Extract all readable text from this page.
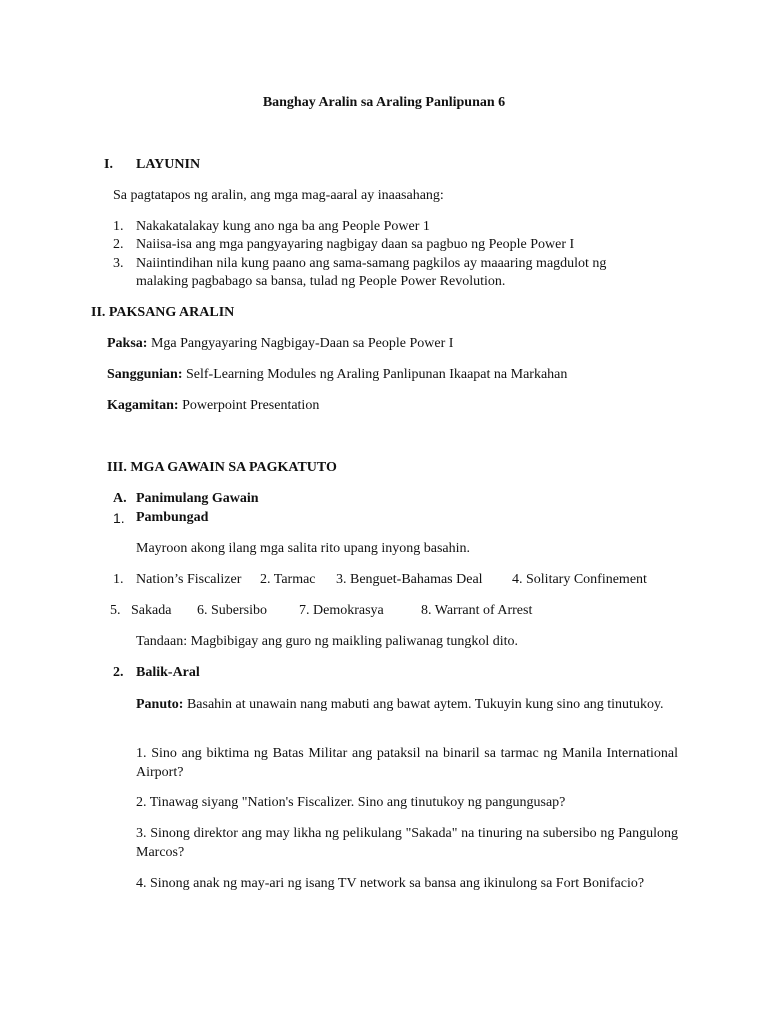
Banghay Aralin sa Araling Panlipunan 6
I. LAYUNIN
Sa pagtatapos ng aralin, ang mga mag-aaral ay inaasahang:
1. Nakakatalakay kung ano nga ba ang People Power 1
2. Naiisa-isa ang mga pangyayaring nagbigay daan sa pagbuo ng People Power I
3. Naiintindihan nila kung paano ang sama-samang pagkilos ay maaaring magdulot ng
malaking pagbabago sa bansa, tulad ng People Power Revolution.
II. PAKSANG ARALIN
Paksa: Mga Pangyayaring Nagbigay-Daan sa People Power I
Sanggunian: Self-Learning Modules ng Araling Panlipunan Ikaapat na Markahan
Kagamitan: Powerpoint Presentation
III. MGA GAWAIN SA PAGKATUTO
A. Panimulang Gawain
1. Pambungad
Mayroon akong ilang mga salita rito upang inyong basahin.
1. Nation’s Fiscalizer 2. Tarmac 3. Benguet-Bahamas Deal 4. Solitary Confinement
5. Sakada 6. Subersibo 7. Demokrasya	8. Warrant of Arrest
Tandaan: Magbibigay ang guro ng maikling paliwanag tungkol dito.
2. Balik-Aral
Panuto: Basahin at unawain nang mabuti ang bawat aytem. Tukuyin kung sino ang tinutukoy.
1. Sino ang biktima ng Batas Militar ang pataksil na binaril sa tarmac ng Manila International Airport?
2. Tinawag siyang "Nation's Fiscalizer. Sino ang tinutukoy ng pangungusap?
3. Sinong direktor ang may likha ng pelikulang "Sakada" na tinuring na subersibo ng Pangulong Marcos?
4. Sinong anak ng may-ari ng isang TV network sa bansa ang ikinulong sa Fort Bonifacio?
